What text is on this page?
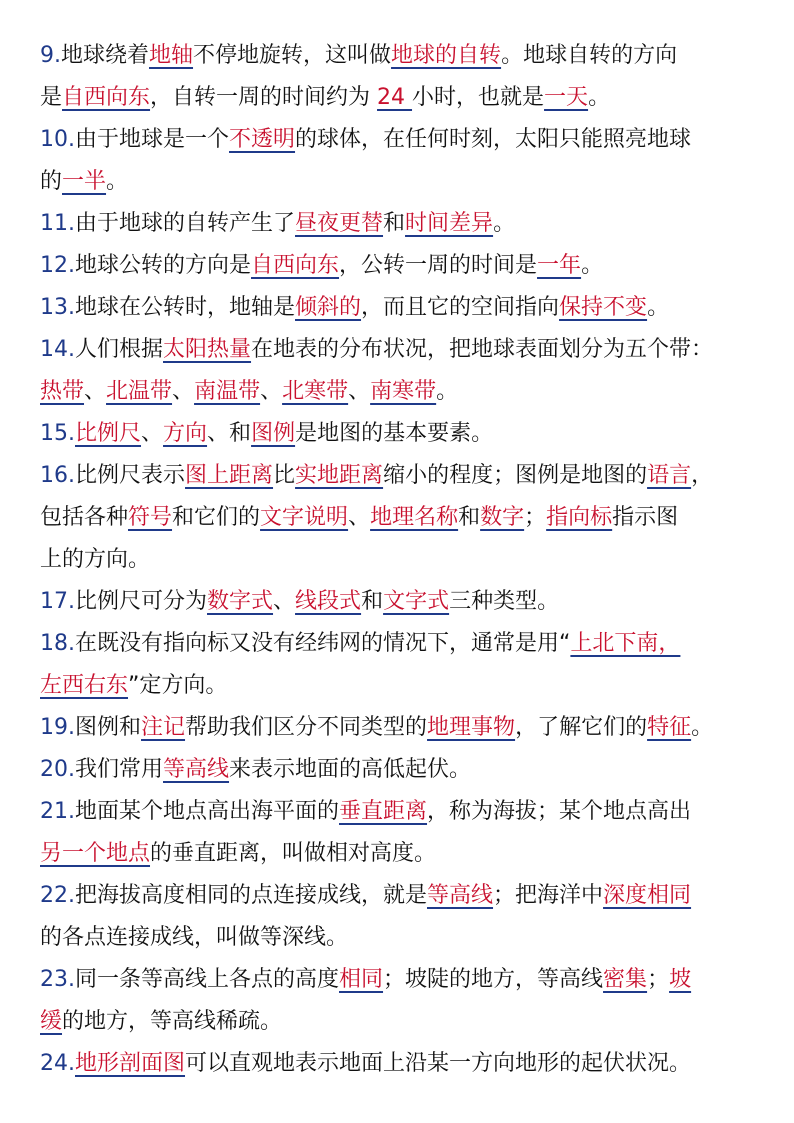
9.地球绕着地轴不停地旋转，这叫做地球的自转。地球自转的方向
是自西向东，自转一周的时间约为 24 小时，也就是一天。
10.由于地球是一个不透明的球体，在任何时刻，太阳只能照亮地球
的一半。
11.由于地球的自转产生了昼夜更替和时间差异。
12.地球公转的方向是自西向东，公转一周的时间是一年。
13.地球在公转时，地轴是倾斜的，而且它的空间指向保持不变。
14.人们根据太阳热量在地表的分布状况，把地球表面划分为五个带：
热带、北温带、南温带、北寒带、南寒带。
15.比例尺、方向、和图例是地图的基本要素。
16.比例尺表示图上距离比实地距离缩小的程度；图例是地图的语言，
包括各种符号和它们的文字说明、地理名称和数字；指向标指示图
上的方向。
17.比例尺可分为数字式、线段式和文字式三种类型。
18.在既没有指向标又没有经纬网的情况下，通常是用“上北下南，
左西右东”定方向。
19.图例和注记帮助我们区分不同类型的地理事物，了解它们的特征。
20.我们常用等高线来表示地面的高低起伏。
21.地面某个地点高出海平面的垂直距离，称为海拔；某个地点高出
另一个地点的垂直距离，叫做相对高度。
22.把海拔高度相同的点连接成线，就是等高线；把海洋中深度相同
的各点连接成线，叫做等深线。
23.同一条等高线上各点的高度相同；坡陡的地方，等高线密集；坡
缓的地方，等高线稀疏。
24.地形剖面图可以直观地表示地面上沿某一方向地形的起伏状况。
